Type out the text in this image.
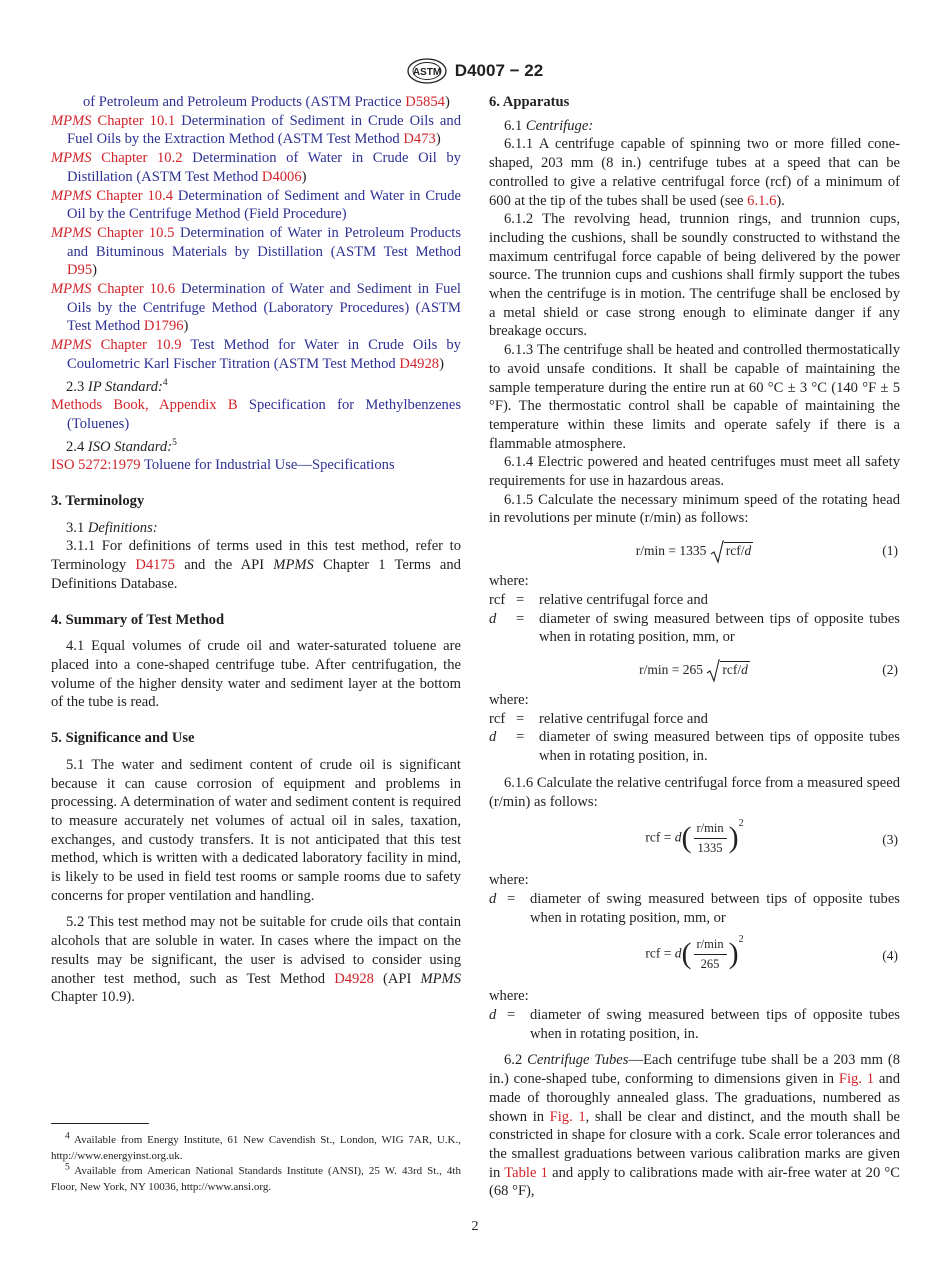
ASTM D4007 − 22

of Petroleum and Petroleum Products (ASTM Practice D5854)

MPMS Chapter 10.1 Determination of Sediment in Crude Oils and Fuel Oils by the Extraction Method (ASTM Test Method D473)

MPMS Chapter 10.2 Determination of Water in Crude Oil by Distillation (ASTM Test Method D4006)

MPMS Chapter 10.4 Determination of Sediment and Water in Crude Oil by the Centrifuge Method (Field Procedure)

MPMS Chapter 10.5 Determination of Water in Petroleum Products and Bituminous Materials by Distillation (ASTM Test Method D95)

MPMS Chapter 10.6 Determination of Water and Sediment in Fuel Oils by the Centrifuge Method (Laboratory Procedures) (ASTM Test Method D1796)

MPMS Chapter 10.9 Test Method for Water in Crude Oils by Coulometric Karl Fischer Titration (ASTM Test Method D4928)

2.3 IP Standard:$^4$

Methods Book, Appendix B Specification for Methylbenzenes (Toluenes)

2.4 ISO Standard:$^5$

ISO 5272:1979 Toluene for Industrial Use—Specifications

3. Terminology

3.1 Definitions:

3.1.1 For definitions of terms used in this test method, refer to Terminology D4175 and the API MPMS Chapter 1 Terms and Definitions Database.

4. Summary of Test Method

4.1 Equal volumes of crude oil and water-saturated toluene are placed into a cone-shaped centrifuge tube. After centrifugation, the volume of the higher density water and sediment layer at the bottom of the tube is read.

5. Significance and Use

5.1 The water and sediment content of crude oil is significant because it can cause corrosion of equipment and problems in processing. A determination of water and sediment content is required to measure accurately net volumes of actual oil in sales, taxation, exchanges, and custody transfers. It is not anticipated that this test method, which is written with a dedicated laboratory facility in mind, is likely to be used in field test rooms or sample rooms due to safety concerns for proper ventilation and handling.

5.2 This test method may not be suitable for crude oils that contain alcohols that are soluble in water. In cases where the impact on the results may be significant, the user is advised to consider using another test method, such as Test Method D4928 (API MPMS Chapter 10.9).

$^4$ Available from Energy Institute, 61 New Cavendish St., London, WIG 7AR, U.K., http://www.energyinst.org.uk.

$^5$ Available from American National Standards Institute (ANSI), 25 W. 43rd St., 4th Floor, New York, NY 10036, http://www.ansi.org.

6. Apparatus

6.1 Centrifuge:

6.1.1 A centrifuge capable of spinning two or more filled cone-shaped, 203 mm (8 in.) centrifuge tubes at a speed that can be controlled to give a relative centrifugal force (rcf) of a minimum of 600 at the tip of the tubes shall be used (see 6.1.6).

6.1.2 The revolving head, trunnion rings, and trunnion cups, including the cushions, shall be soundly constructed to withstand the maximum centrifugal force capable of being delivered by the power source. The trunnion cups and cushions shall firmly support the tubes when the centrifuge is in motion. The centrifuge shall be enclosed by a metal shield or case strong enough to eliminate danger if any breakage occurs.

6.1.3 The centrifuge shall be heated and controlled thermostatically to avoid unsafe conditions. It shall be capable of maintaining the sample temperature during the entire run at 60 °C ± 3 °C (140 °F ± 5 °F). The thermostatic control shall be capable of maintaining the temperature within these limits and operate safely if there is a flammable atmosphere.

6.1.4 Electric powered and heated centrifuges must meet all safety requirements for use in hazardous areas.

6.1.5 Calculate the necessary minimum speed of the rotating head in revolutions per minute (r/min) as follows:

r/min = 1335 rcf/d	(1)

where:

rcf =	relative centrifugal force and
d	=	diameter of swing measured between tips of opposite tubes when in rotating position, mm, or
r/min = 265 rcf/d	(2)

where:

rcf =	relative centrifugal force and
d	=	diameter of swing measured between tips of opposite tubes when in rotating position, in.

6.1.6 Calculate the relative centrifugal force from a measured speed (r/min) as follows:

rcf = $d( \frac{r/\min}{1335} )^2$
(3)

where:

d =	diameter of swing measured between tips of opposite tubes when in rotating position, mm, or
rcf = $d( \frac{r/\min}{265} )^2$
(4)

where:

d =	diameter of swing measured between tips of opposite tubes when in rotating position, in.

6.2 Centrifuge Tubes—Each centrifuge tube shall be a 203 mm (8 in.) cone-shaped tube, conforming to dimensions given in Fig. 1 and made of thoroughly annealed glass. The graduations, numbered as shown in Fig. 1, shall be clear and distinct, and the mouth shall be constricted in shape for closure with a cork. Scale error tolerances and the smallest graduations between various calibration marks are given in Table 1 and apply to calibrations made with air-free water at 20 °C (68 °F),

2
